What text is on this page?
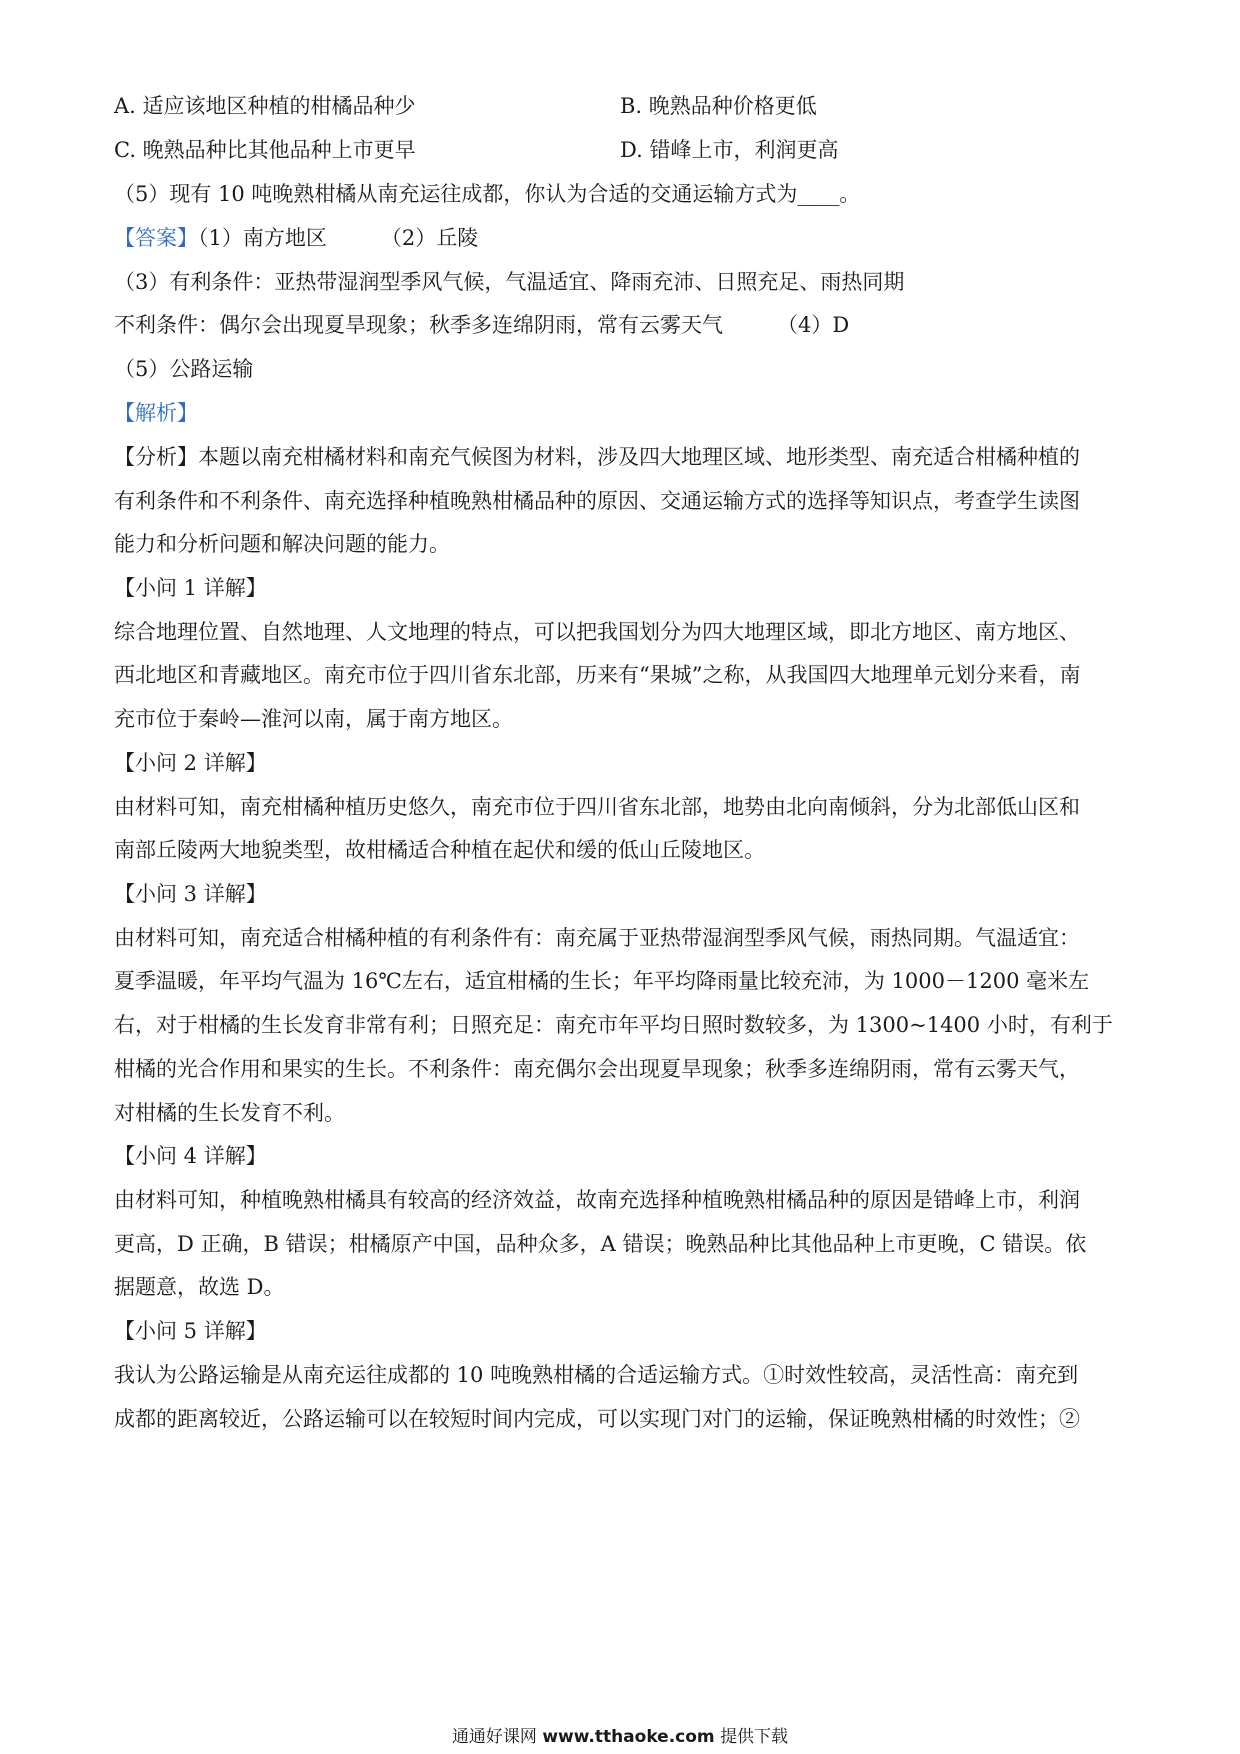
A. 适应该地区种植的柑橘品种少	B. 晚熟品种价格更低
C. 晚熟品种比其他品种上市更早	D. 错峰上市，利润更高
（5）现有 10 吨晚熟柑橘从南充运往成都，你认为合适的交通运输方式为____。
【答案】（1）南方地区	（2）丘陵
（3）有利条件：亚热带湿润型季风气候，气温适宜、降雨充沛、日照充足、雨热同期
不利条件：偶尔会出现夏旱现象；秋季多连绵阴雨，常有云雾天气	（4）D
（5）公路运输
【解析】
【分析】本题以南充柑橘材料和南充气候图为材料，涉及四大地理区域、地形类型、南充适合柑橘种植的
有利条件和不利条件、南充选择种植晚熟柑橘品种的原因、交通运输方式的选择等知识点，考查学生读图
能力和分析问题和解决问题的能力。
【小问 1 详解】
综合地理位置、自然地理、人文地理的特点，可以把我国划分为四大地理区域，即北方地区、南方地区、
西北地区和青藏地区。南充市位于四川省东北部，历来有“果城”之称，从我国四大地理单元划分来看，南
充市位于秦岭—淮河以南，属于南方地区。
【小问 2 详解】
由材料可知，南充柑橘种植历史悠久，南充市位于四川省东北部，地势由北向南倾斜，分为北部低山区和
南部丘陵两大地貌类型，故柑橘适合种植在起伏和缓的低山丘陵地区。
【小问 3 详解】
由材料可知，南充适合柑橘种植的有利条件有：南充属于亚热带湿润型季风气候，雨热同期。气温适宜：
夏季温暖，年平均气温为 16℃左右，适宜柑橘的生长；年平均降雨量比较充沛，为 1000－1200 毫米左
右，对于柑橘的生长发育非常有利；日照充足：南充市年平均日照时数较多，为 1300~1400 小时，有利于
柑橘的光合作用和果实的生长。不利条件：南充偶尔会出现夏旱现象；秋季多连绵阴雨，常有云雾天气，
对柑橘的生长发育不利。
【小问 4 详解】
由材料可知，种植晚熟柑橘具有较高的经济效益，故南充选择种植晚熟柑橘品种的原因是错峰上市，利润
更高，D 正确，B 错误；柑橘原产中国，品种众多，A 错误；晚熟品种比其他品种上市更晚，C 错误。依
据题意，故选 D。
【小问 5 详解】
我认为公路运输是从南充运往成都的 10 吨晚熟柑橘的合适运输方式。①时效性较高，灵活性高：南充到
成都的距离较近，公路运输可以在较短时间内完成，可以实现门对门的运输，保证晚熟柑橘的时效性；②
通通好课网 www.tthaoke.com 提供下载
